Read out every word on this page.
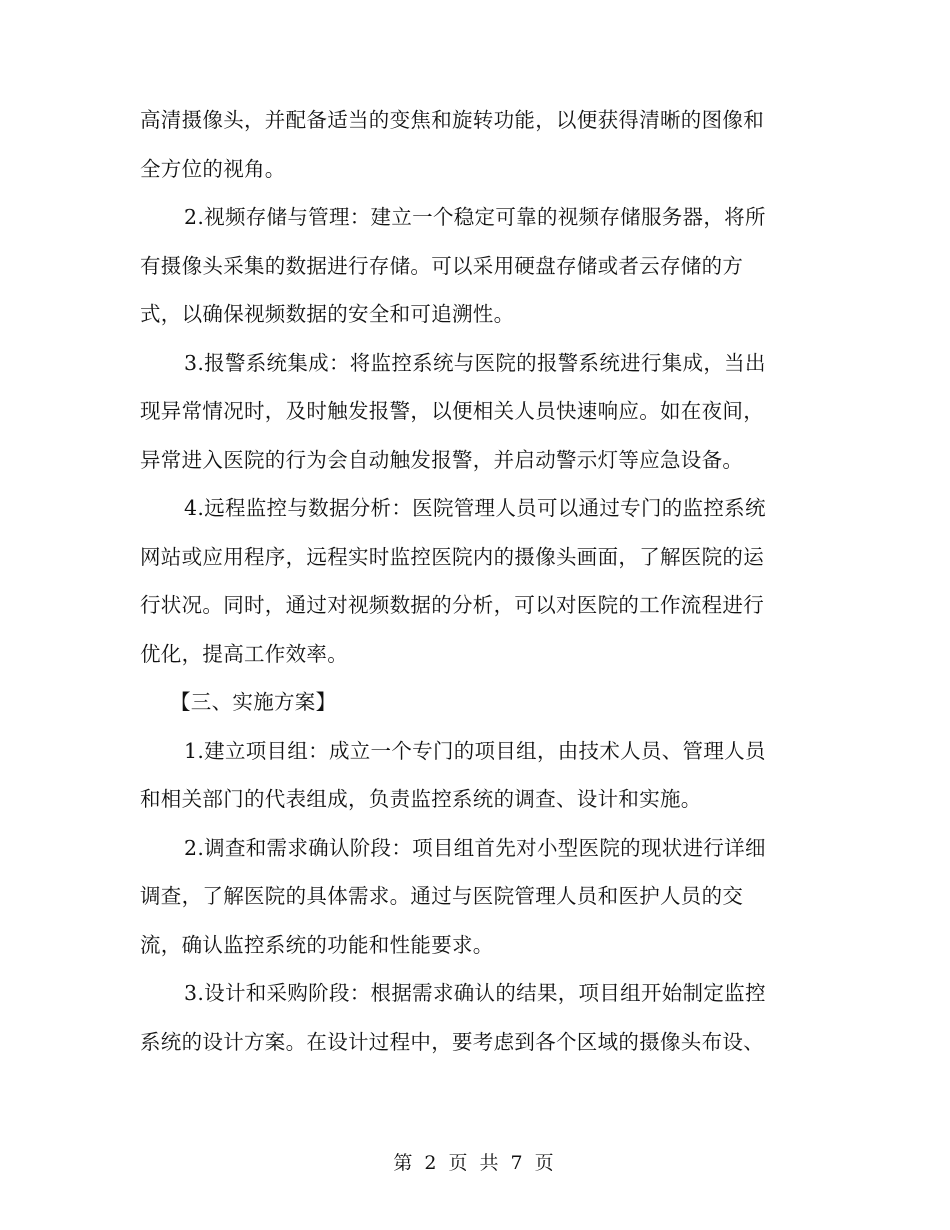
高清摄像头，并配备适当的变焦和旋转功能，以便获得清晰的图像和
全方位的视角。
2.视频存储与管理：建立一个稳定可靠的视频存储服务器，将所
有摄像头采集的数据进行存储。可以采用硬盘存储或者云存储的方
式，以确保视频数据的安全和可追溯性。
3.报警系统集成：将监控系统与医院的报警系统进行集成，当出
现异常情况时，及时触发报警，以便相关人员快速响应。如在夜间，
异常进入医院的行为会自动触发报警，并启动警示灯等应急设备。
4.远程监控与数据分析：医院管理人员可以通过专门的监控系统
网站或应用程序，远程实时监控医院内的摄像头画面，了解医院的运
行状况。同时，通过对视频数据的分析，可以对医院的工作流程进行
优化，提高工作效率。
【三、实施方案】
1.建立项目组：成立一个专门的项目组，由技术人员、管理人员
和相关部门的代表组成，负责监控系统的调查、设计和实施。
2.调查和需求确认阶段：项目组首先对小型医院的现状进行详细
调查，了解医院的具体需求。通过与医院管理人员和医护人员的交
流，确认监控系统的功能和性能要求。
3.设计和采购阶段：根据需求确认的结果，项目组开始制定监控
系统的设计方案。在设计过程中，要考虑到各个区域的摄像头布设、
第 2 页 共 7 页
